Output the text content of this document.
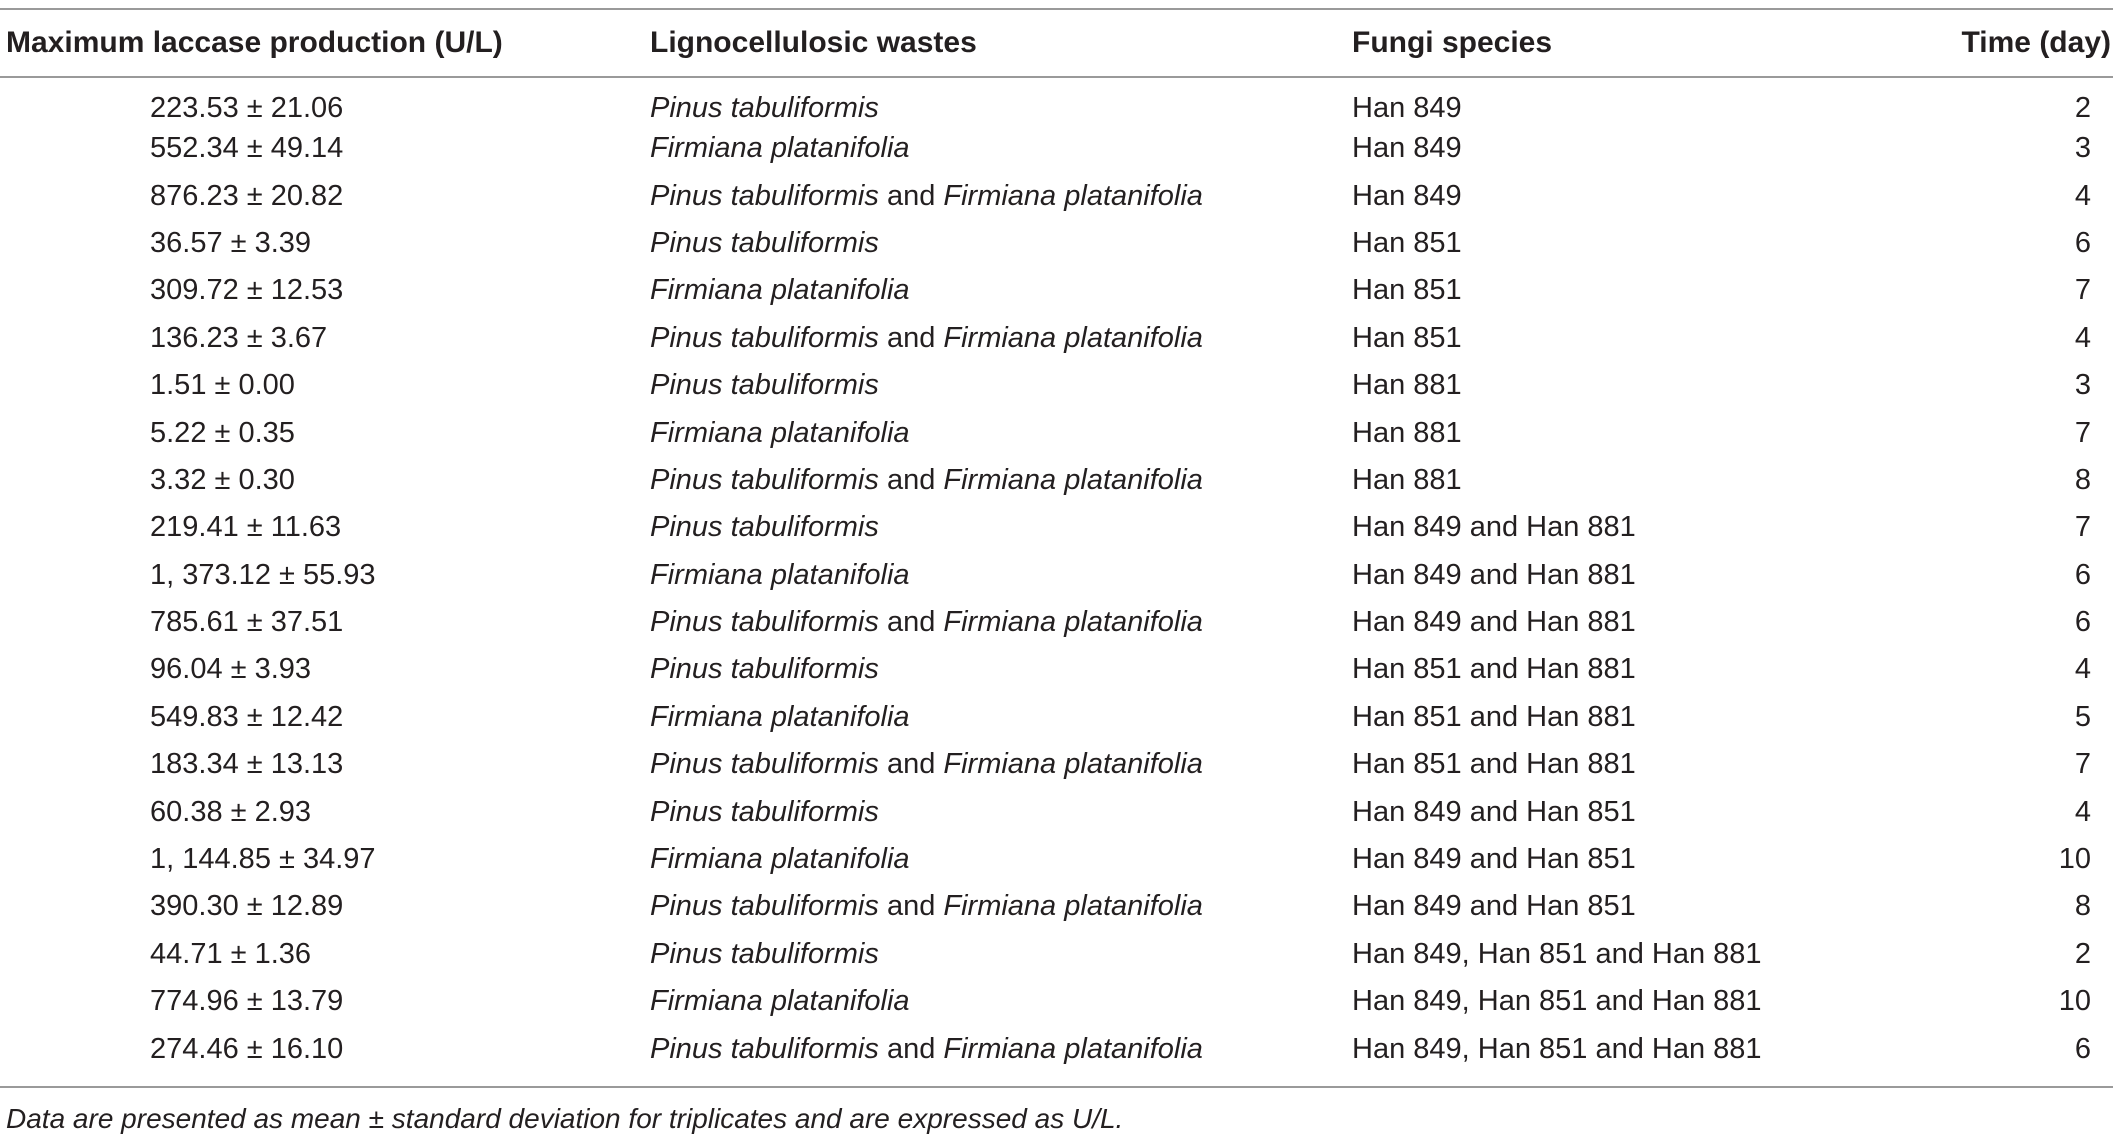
Maximum laccase production (U/L)	Lignocellulosic wastes	Fungi species	Time (day)
223.53 ± 21.06	Pinus tabuliformis	Han 849	2
552.34 ± 49.14	Firmiana platanifolia	Han 849	3
876.23 ± 20.82	Pinus tabuliformis and Firmiana platanifolia	Han 849	4
36.57 ± 3.39	Pinus tabuliformis	Han 851	6
309.72 ± 12.53	Firmiana platanifolia	Han 851	7
136.23 ± 3.67	Pinus tabuliformis and Firmiana platanifolia	Han 851	4
1.51 ± 0.00	Pinus tabuliformis	Han 881	3
5.22 ± 0.35	Firmiana platanifolia	Han 881	7
3.32 ± 0.30	Pinus tabuliformis and Firmiana platanifolia	Han 881	8
219.41 ± 11.63	Pinus tabuliformis	Han 849 and Han 881	7
1, 373.12 ± 55.93	Firmiana platanifolia	Han 849 and Han 881	6
785.61 ± 37.51	Pinus tabuliformis and Firmiana platanifolia	Han 849 and Han 881	6
96.04 ± 3.93	Pinus tabuliformis	Han 851 and Han 881	4
549.83 ± 12.42	Firmiana platanifolia	Han 851 and Han 881	5
183.34 ± 13.13	Pinus tabuliformis and Firmiana platanifolia	Han 851 and Han 881	7
60.38 ± 2.93	Pinus tabuliformis	Han 849 and Han 851	4
1, 144.85 ± 34.97	Firmiana platanifolia	Han 849 and Han 851	10
390.30 ± 12.89	Pinus tabuliformis and Firmiana platanifolia	Han 849 and Han 851	8
44.71 ± 1.36	Pinus tabuliformis	Han 849, Han 851 and Han 881	2
774.96 ± 13.79	Firmiana platanifolia	Han 849, Han 851 and Han 881	10
274.46 ± 16.10	Pinus tabuliformis and Firmiana platanifolia	Han 849, Han 851 and Han 881	6
Data are presented as mean ± standard deviation for triplicates and are expressed as U/L.
